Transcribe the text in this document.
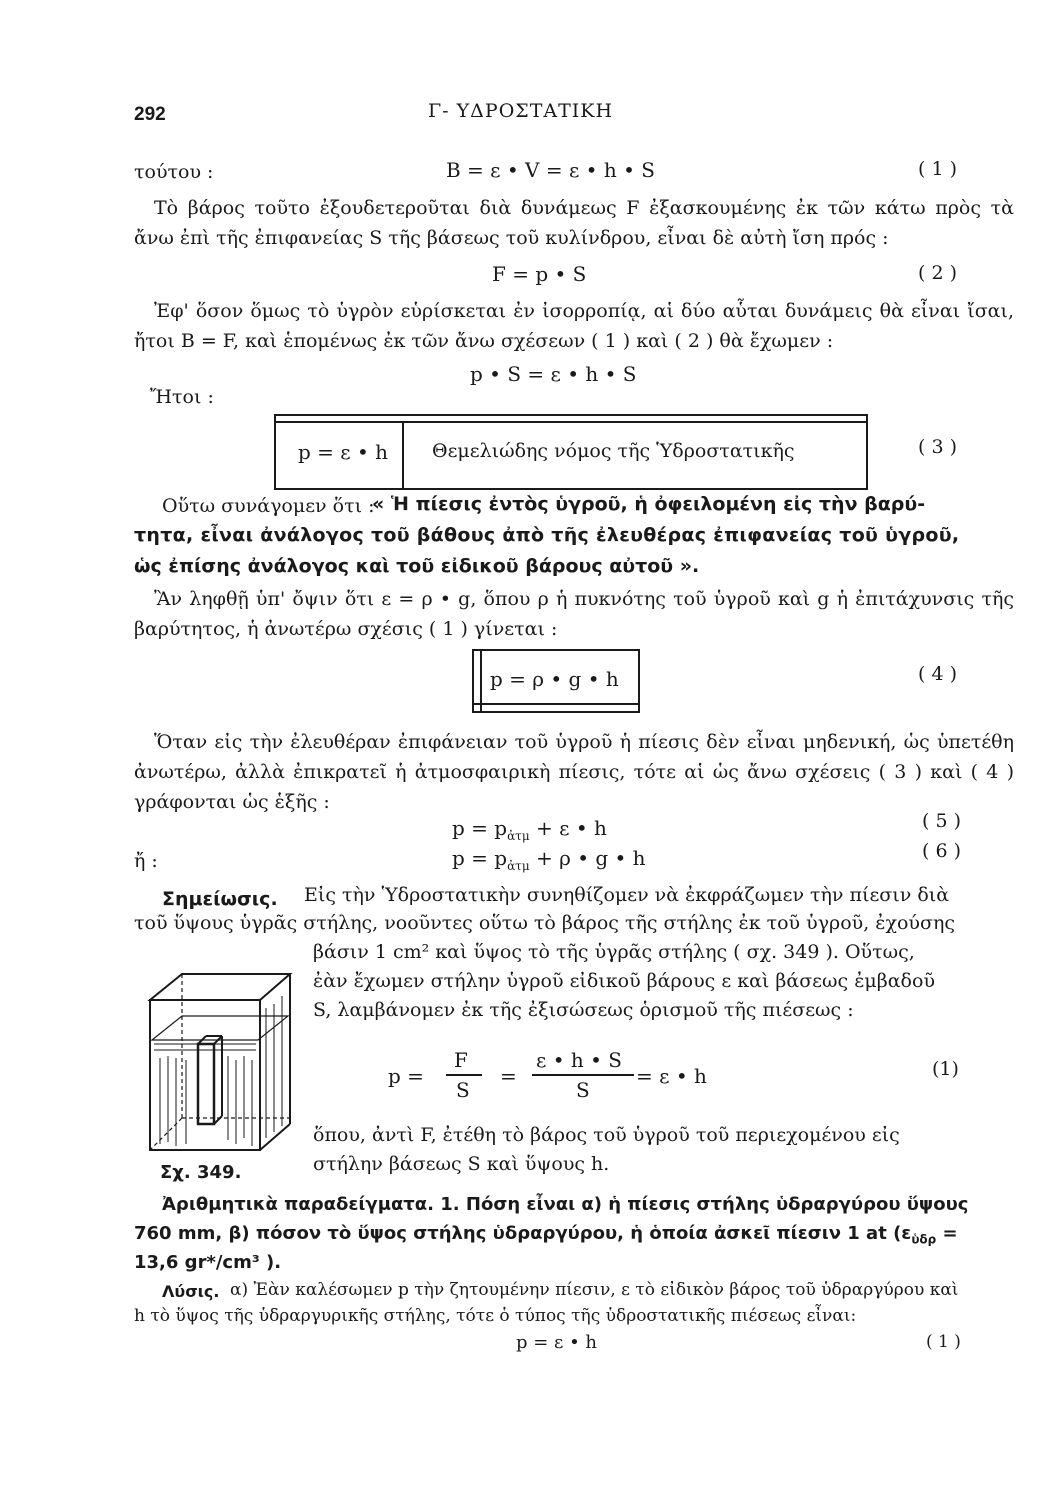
292	Γ- ΥΔΡΟΣΤΑΤΙΚΗ
τούτου :	B = ε • V = ε • h • S	( 1 )
Τὸ βάρος τοῦτο ἐξουδετεροῦται διὰ δυνάμεως F ἐξασκουμένης ἐκ τῶν κάτω πρὸς τὰ ἄνω ἐπὶ τῆς ἐπιφανείας S τῆς βάσεως τοῦ κυλίνδρου, εἶναι δὲ αὐτὴ ἴση πρός :
F = p • S	( 2 )
Ἐφ' ὅσον ὅμως τὸ ὑγρὸν εὑρίσκεται ἐν ἰσορροπίᾳ, αἱ δύο αὗται δυνάμεις θὰ εἶναι ἴσαι, ἤτοι B = F, καὶ ἑπομένως ἐκ τῶν ἄνω σχέσεων ( 1 ) καὶ ( 2 ) θὰ ἔχωμεν :
p • S = ε • h • S
Ἤτοι :
p = ε • h Θεμελιώδης νόμος τῆς Ὑδροστατικῆς	( 3 )
Οὕτω συνάγομεν ὅτι :
« Ἡ πίεσις ἐντὸς ὑγροῦ, ἡ ὀφειλομένη εἰς τὴν βαρύ-
τητα, εἶναι ἀνάλογος τοῦ βάθους ἀπὸ τῆς ἐλευθέρας ἐπιφανείας τοῦ ὑγροῦ,
ὡς ἐπίσης ἀνάλογος καὶ τοῦ εἰδικοῦ βάρους αὐτοῦ ».
Ἂν ληφθῇ ὑπ' ὄψιν ὅτι ε = ρ • g, ὅπου ρ ἡ πυκνότης τοῦ ὑγροῦ καὶ g ἡ ἐπιτάχυνσις τῆς βαρύτητος, ἡ ἀνωτέρω σχέσις ( 1 ) γίνεται :
p = ρ • g • h	( 4 )
Ὅταν εἰς τὴν ἐλευθέραν ἐπιφάνειαν τοῦ ὑγροῦ ἡ πίεσις δὲν εἶναι μηδενική, ὡς ὑπετέθη ἀνωτέρω, ἀλλὰ ἐπικρατεῖ ἡ ἀτμοσφαιρικὴ πίεσις, τότε αἱ ὡς ἄνω σχέσεις ( 3 ) καὶ ( 4 ) γράφονται ὡς ἑξῆς :
$p = p_{ἀ\tau\mu} + \varepsilon$ • h	( 5 )
ἤ :	$p = p_{ἀ\tau\mu} + \rho$ • g • h	( 6 )
Σημείωσις. Εἰς τὴν Ὑδροστατικὴν συνηθίζομεν νὰ ἐκφράζωμεν τὴν πίεσιν διὰ
τοῦ ὕψους ὑγρᾶς στήλης, νοοῦντες οὕτω τὸ βάρος τῆς στήλης ἐκ τοῦ ὑγροῦ, ἐχούσης
βάσιν 1 cm² καὶ ὕψος τὸ τῆς ὑγρᾶς στήλης ( σχ. 349 ). Οὕτως,
ἐὰν ἔχωμεν στήλην ὑγροῦ εἰδικοῦ βάρους ε καὶ βάσεως ἐμβαδοῦ
S, λαμβάνομεν ἐκ τῆς ἐξισώσεως ὁρισμοῦ τῆς πιέσεως :
Σχ. 349.
p =
F
S
=
ε • h • S
S
= ε • h	(1)
ὅπου, ἀντὶ F, ἐτέθη τὸ βάρος τοῦ ὑγροῦ τοῦ περιεχομένου εἰς
στήλην βάσεως S καὶ ὕψους h.
Ἀριθμητικὰ παραδείγματα. 1. Πόση εἶναι α) ἡ πίεσις στήλης ὑδραργύρου ὕψους
760 mm, β) πόσον τὸ ὕψος στήλης ὑδραργύρου, ἡ ὁποία ἀσκεῖ πίεσιν 1 at ($\varepsilon_{ὑ\delta\rho}$ =
13,6 gr*/cm³ ).
Λύσις. α) Ἐὰν καλέσωμεν p τὴν ζητουμένην πίεσιν, ε τὸ εἰδικὸν βάρος τοῦ ὑδραργύρου καὶ
h τὸ ὕψος τῆς ὑδραργυρικῆς στήλης, τότε ὁ τύπος τῆς ὑδροστατικῆς πιέσεως εἶναι:
p = ε • h	( 1 )
